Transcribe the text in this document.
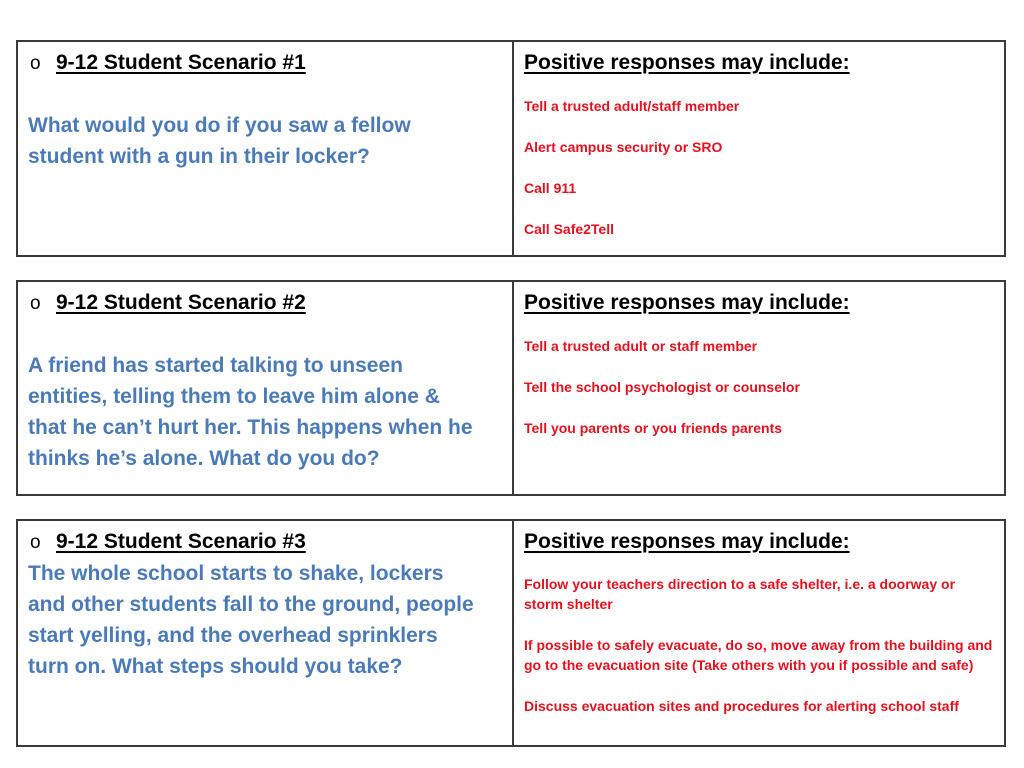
o 9-12 Student Scenario #1
What would you do if you saw a fellow student with a gun in their locker?
Positive responses may include:
Tell a trusted adult/staff member
Alert campus security or SRO
Call 911
Call Safe2Tell
o 9-12 Student Scenario #2
A friend has started talking to unseen entities, telling them to leave him alone & that he can’t hurt her. This happens when he thinks he’s alone. What do you do?
Positive responses may include:
Tell a trusted adult or staff member
Tell the school psychologist or counselor
Tell you parents or you friends parents
o 9-12 Student Scenario #3
The whole school starts to shake, lockers and other students fall to the ground, people start yelling, and the overhead sprinklers turn on. What steps should you take?
Positive responses may include:
Follow your teachers direction to a safe shelter, i.e. a doorway or storm shelter
If possible to safely evacuate, do so, move away from the building and go to the evacuation site (Take others with you if possible and safe)
Discuss evacuation sites and procedures for alerting school staff
